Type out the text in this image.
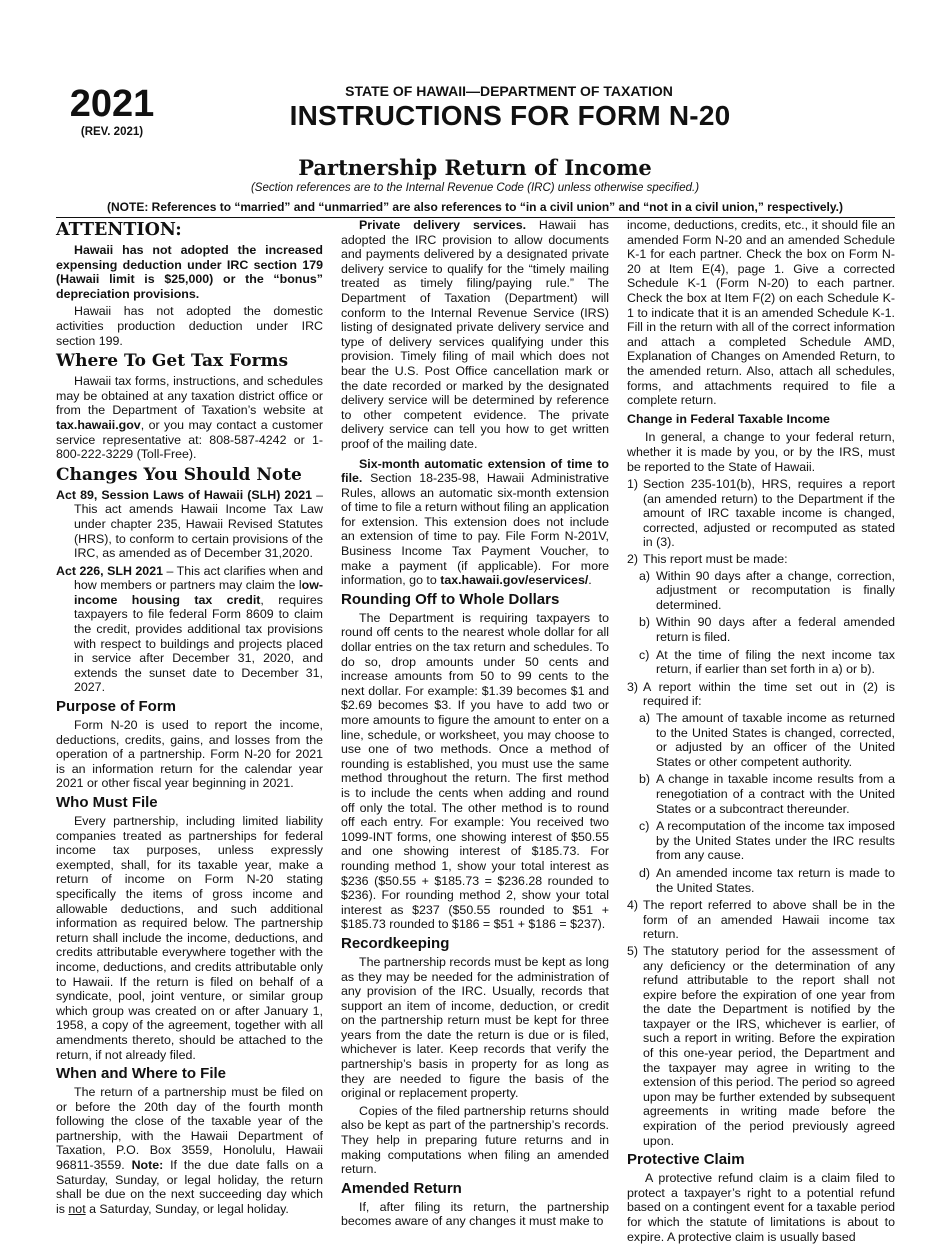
2021
(REV. 2021)
STATE OF HAWAII—DEPARTMENT OF TAXATION
INSTRUCTIONS FOR FORM N-20
Partnership Return of Income
(Section references are to the Internal Revenue Code (IRC) unless otherwise specified.)
(NOTE: References to “married” and “unmarried” are also references to “in a civil union” and “not in a civil union,” respectively.)
ATTENTION:

Hawaii has not adopted the increased expensing deduction under IRC section 179 (Hawaii limit is $25,000) or the “bonus” depreciation provisions.

Hawaii has not adopted the domestic activities production deduction under IRC section 199.

Where To Get Tax Forms

Hawaii tax forms, instructions, and schedules may be obtained at any taxation district office or from the Department of Taxation’s website at tax.hawaii.gov, or you may contact a customer service representative at: 808-587-4242 or 1-800-222-3229 (Toll-Free).

Changes You Should Note
Act 89, Session Laws of Hawaii (SLH) 2021 – This act amends Hawaii Income Tax Law under chapter 235, Hawaii Revised Statutes (HRS), to conform to certain provisions of the IRC, as amended as of December 31,2020.
Act 226, SLH 2021 – This act clarifies when and how members or partners may claim the low-income housing tax credit, requires taxpayers to file federal Form 8609 to claim the credit, provides additional tax provisions with respect to buildings and projects placed in service after December 31, 2020, and extends the sunset date to December 31, 2027.
Purpose of Form

Form N-20 is used to report the income, deductions, credits, gains, and losses from the operation of a partnership. Form N-20 for 2021 is an information return for the calendar year 2021 or other fiscal year beginning in 2021.

Who Must File

Every partnership, including limited liability companies treated as partnerships for federal income tax purposes, unless expressly exempted, shall, for its taxable year, make a return of income on Form N-20 stating specifically the items of gross income and allowable deductions, and such additional information as required below. The partnership return shall include the income, deductions, and credits attributable everywhere together with the income, deductions, and credits attributable only to Hawaii. If the return is filed on behalf of a syndicate, pool, joint venture, or similar group which group was created on or after January 1, 1958, a copy of the agreement, together with all amendments thereto, should be attached to the return, if not already filed.

When and Where to File

The return of a partnership must be filed on or before the 20th day of the fourth month following the close of the taxable year of the partnership, with the Hawaii Department of Taxation, P.O. Box 3559, Honolulu, Hawaii 96811-3559. Note: If the due date falls on a Saturday, Sunday, or legal holiday, the return shall be due on the next succeeding day which is not a Saturday, Sunday, or legal holiday.

Private delivery services. Hawaii has adopted the IRC provision to allow documents and payments delivered by a designated private delivery service to qualify for the “timely mailing treated as timely filing/paying rule.” The Department of Taxation (Department) will conform to the Internal Revenue Service (IRS) listing of designated private delivery service and type of delivery services qualifying under this provision. Timely filing of mail which does not bear the U.S. Post Office cancellation mark or the date recorded or marked by the designated delivery service will be determined by reference to other competent evidence. The private delivery service can tell you how to get written proof of the mailing date.

Six-month automatic extension of time to file. Section 18-235-98, Hawaii Administrative Rules, allows an automatic six-month extension of time to file a return without filing an application for extension. This extension does not include an extension of time to pay. File Form N-201V, Business Income Tax Payment Voucher, to make a payment (if applicable). For more information, go to tax.hawaii.gov/eservices/.

Rounding Off to Whole Dollars

The Department is requiring taxpayers to round off cents to the nearest whole dollar for all dollar entries on the tax return and schedules. To do so, drop amounts under 50 cents and increase amounts from 50 to 99 cents to the next dollar. For example: $1.39 becomes $1 and $2.69 becomes $3. If you have to add two or more amounts to figure the amount to enter on a line, schedule, or worksheet, you may choose to use one of two methods. Once a method of rounding is established, you must use the same method throughout the return. The first method is to include the cents when adding and round off only the total. The other method is to round off each entry. For example: You received two 1099-INT forms, one showing interest of $50.55 and one showing interest of $185.73. For rounding method 1, show your total interest as $236 ($50.55 + $185.73 = $236.28 rounded to $236). For rounding method 2, show your total interest as $237 ($50.55 rounded to $51 + $185.73 rounded to $186 = $51 + $186 = $237).

Recordkeeping

The partnership records must be kept as long as they may be needed for the administration of any provision of the IRC. Usually, records that support an item of income, deduction, or credit on the partnership return must be kept for three years from the date the return is due or is filed, whichever is later. Keep records that verify the partnership’s basis in property for as long as they are needed to figure the basis of the original or replacement property.

Copies of the filed partnership returns should also be kept as part of the partnership’s records. They help in preparing future returns and in making computations when filing an amended return.

Amended Return

If, after filing its return, the partnership becomes aware of any changes it must make to

income, deductions, credits, etc., it should file an amended Form N-20 and an amended Schedule K-1 for each partner. Check the box on Form N-20 at Item E(4), page 1. Give a corrected Schedule K-1 (Form N-20) to each partner. Check the box at Item F(2) on each Schedule K-1 to indicate that it is an amended Schedule K-1. Fill in the return with all of the correct information and attach a completed Schedule AMD, Explanation of Changes on Amended Return, to the amended return. Also, attach all schedules, forms, and attachments required to file a complete return.

Change in Federal Taxable Income

In general, a change to your federal return, whether it is made by you, or by the IRS, must be reported to the State of Hawaii.

1) Section 235-101(b), HRS, requires a report (an amended return) to the Department if the amount of IRC taxable income is changed, corrected, adjusted or recomputed as stated in (3).
2) This report must be made:
a) Within 90 days after a change, correction, adjustment or recomputation is finally determined.
b) Within 90 days after a federal amended return is filed.
c) At the time of filing the next income tax return, if earlier than set forth in a) or b).
3) A report within the time set out in (2) is required if:
a) The amount of taxable income as returned to the United States is changed, corrected, or adjusted by an officer of the United States or other competent authority.
b) A change in taxable income results from a renegotiation of a contract with the United States or a subcontract thereunder.
c) A recomputation of the income tax imposed by the United States under the IRC results from any cause.
d) An amended income tax return is made to the United States.
4) The report referred to above shall be in the form of an amended Hawaii income tax return.
5) The statutory period for the assessment of any deficiency or the determination of any refund attributable to the report shall not expire before the expiration of one year from the date the Department is notified by the taxpayer or the IRS, whichever is earlier, of such a report in writing. Before the expiration of this one-year period, the Department and the taxpayer may agree in writing to the extension of this period. The period so agreed upon may be further extended by subsequent agreements in writing made before the expiration of the period previously agreed upon.
Protective Claim

A protective refund claim is a claim filed to protect a taxpayer’s right to a potential refund based on a contingent event for a taxable period for which the statute of limitations is about to expire. A protective claim is usually based
